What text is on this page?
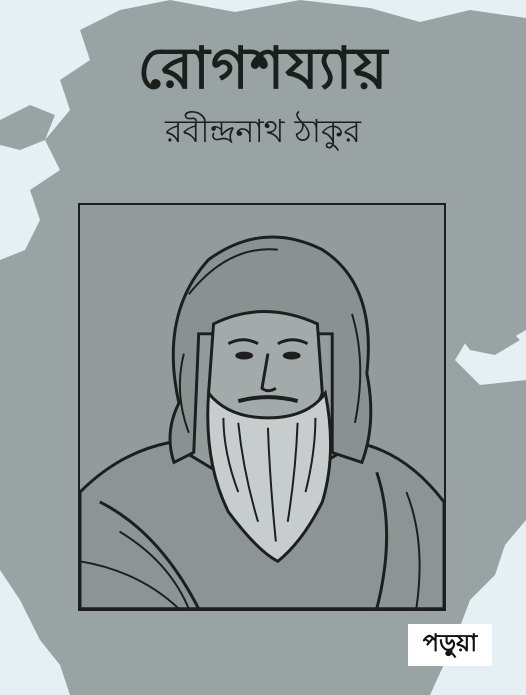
রোগশয্যায়
রবীন্দ্রনাথ ঠাকুর
পড়ুয়া
